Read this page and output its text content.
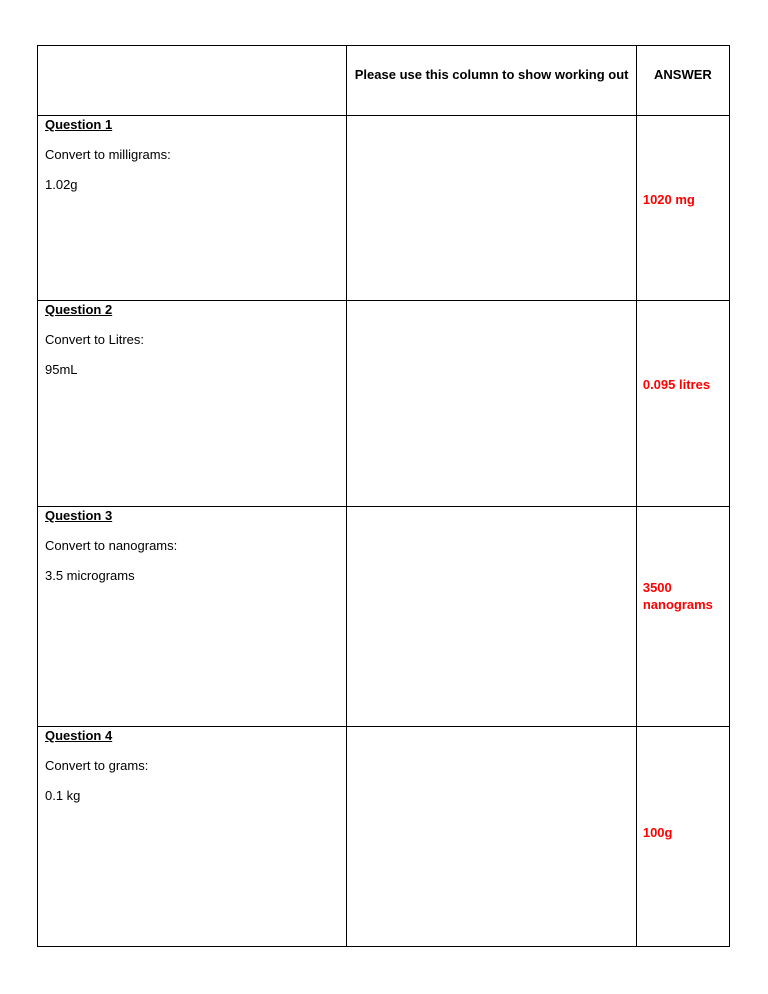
	Please use this column to show working out	ANSWER

Question 1
Convert to milligrams:
1.02g		1020 mg

Question 2
Convert to Litres:
95mL		0.095 litres

Question 3
Convert to nanograms:
3.5 micrograms		3500 nanograms

Question 4
Convert to grams:
0.1 kg		100g
